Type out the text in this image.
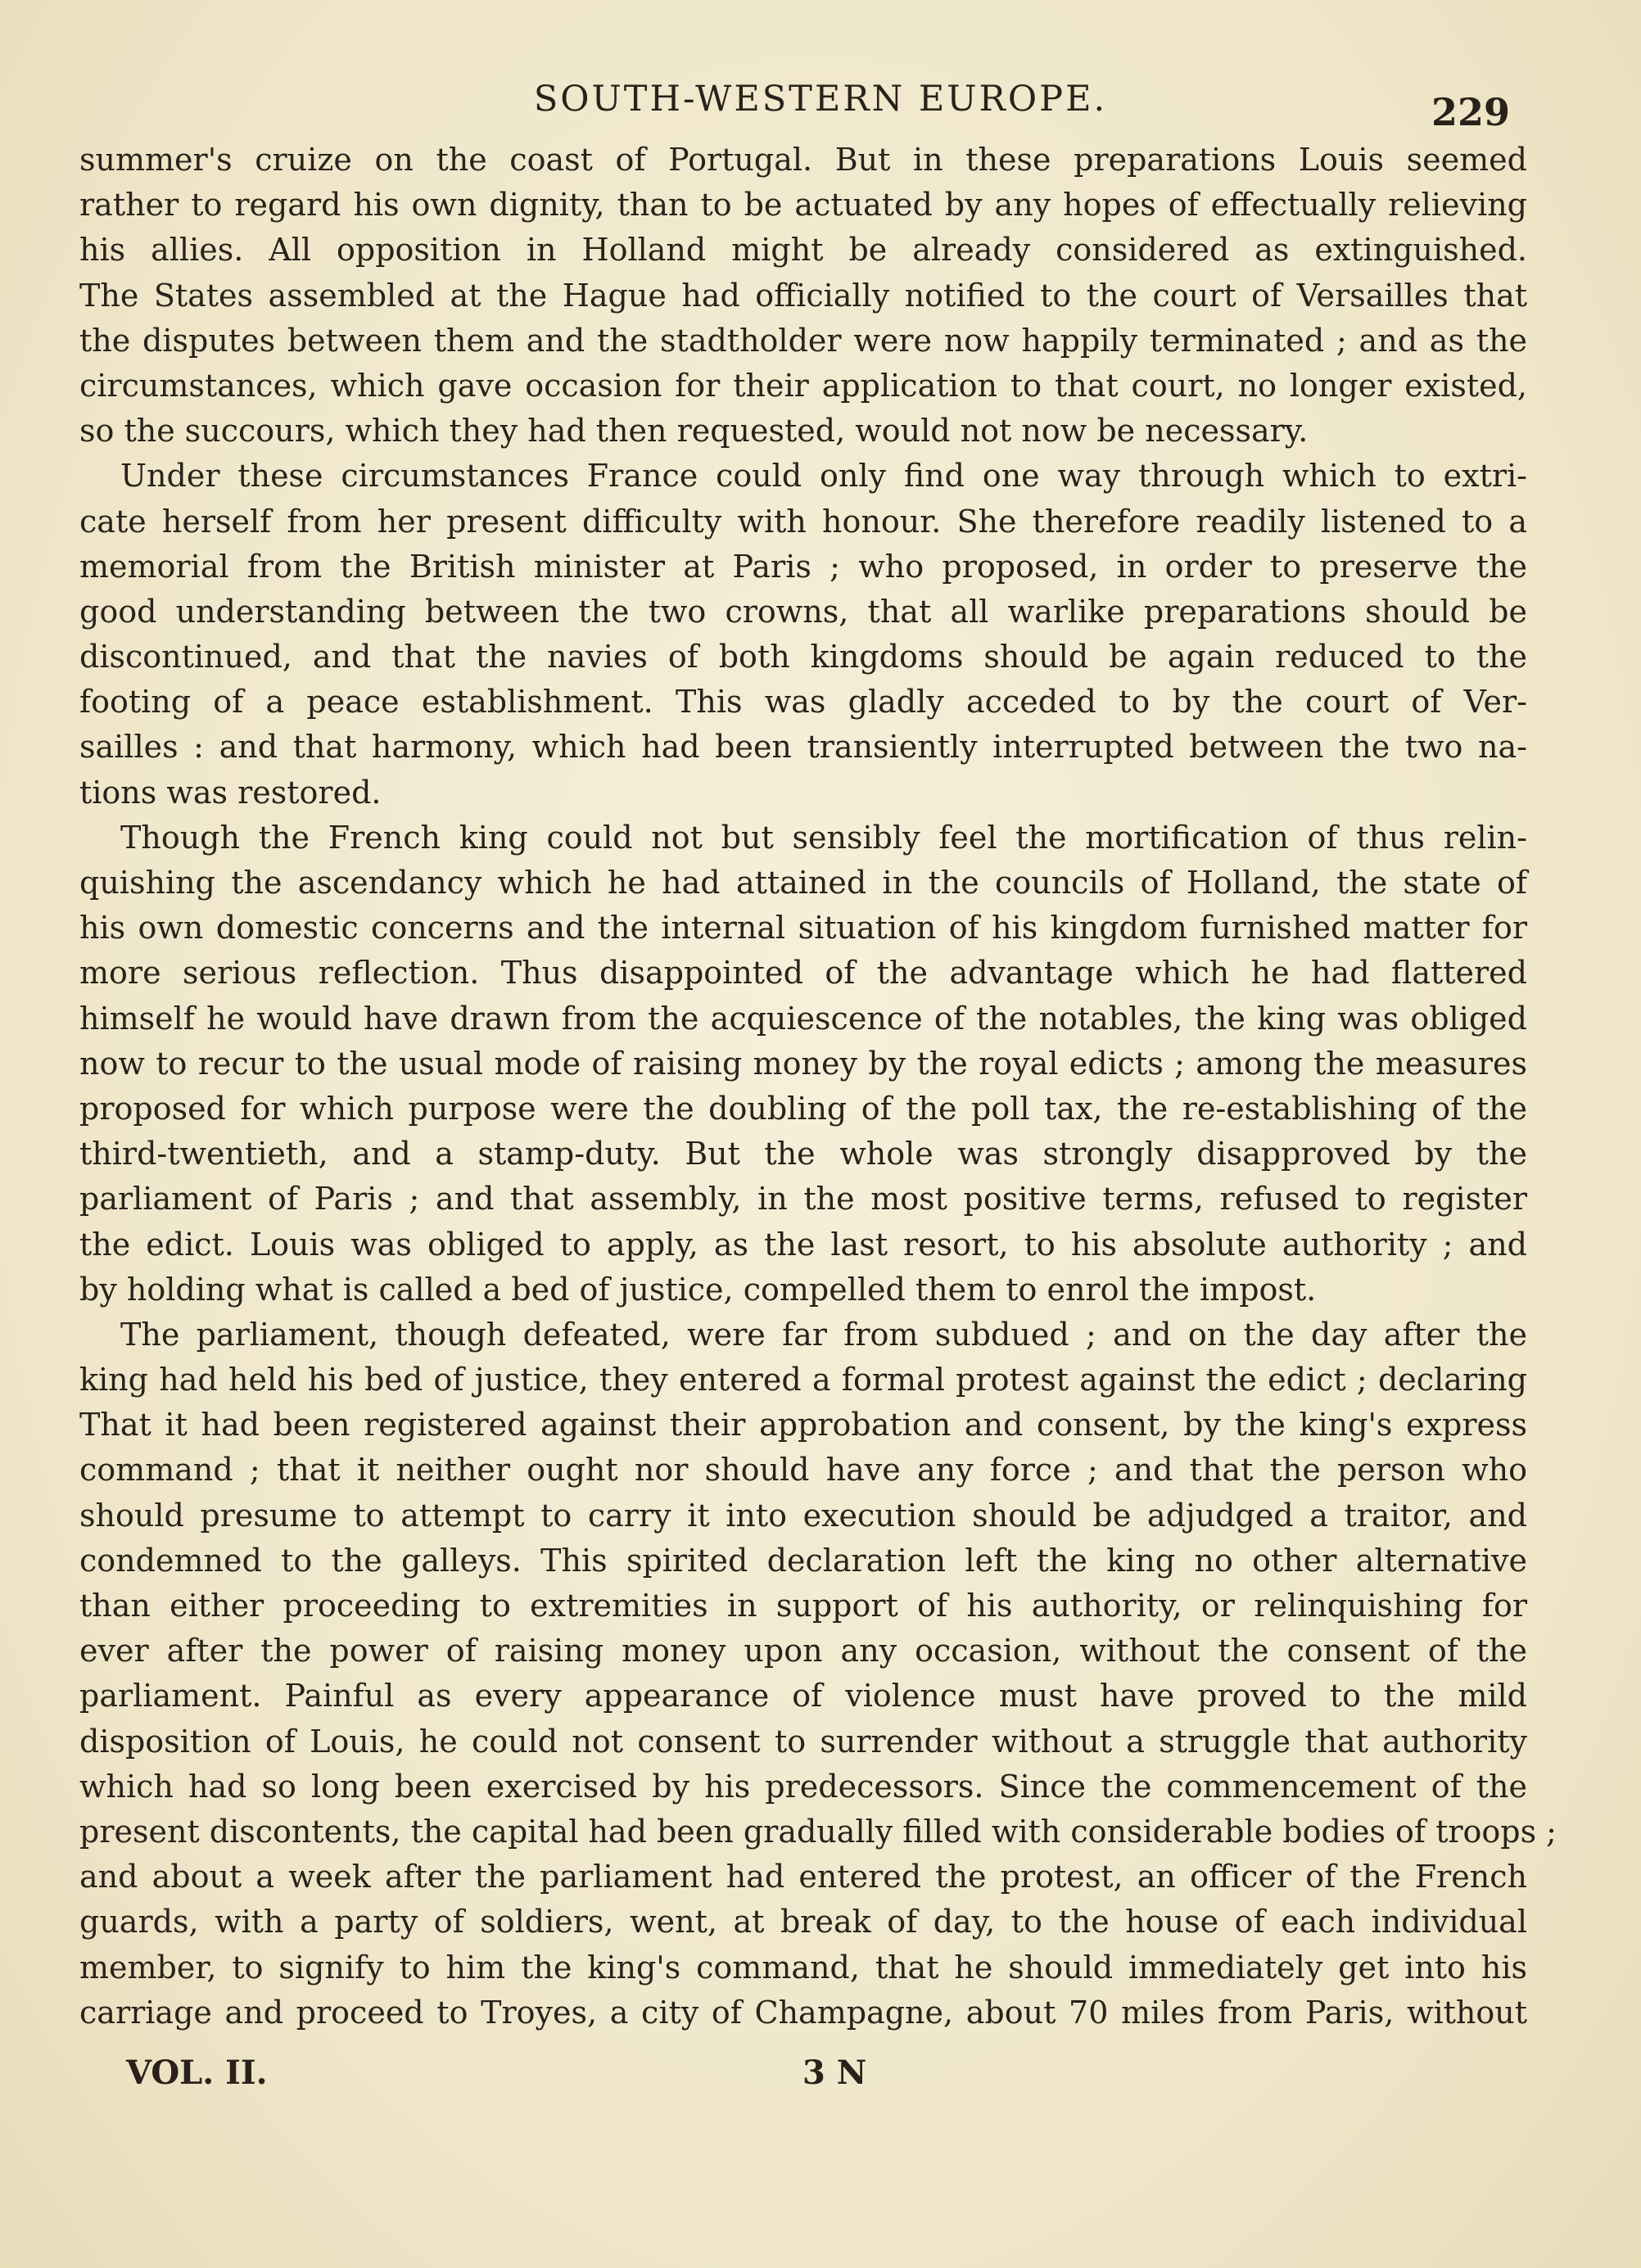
SOUTH-WESTERN EUROPE.	229
summer's cruize on the coast of Portugal. But in these preparations Louis seemed
rather to regard his own dignity, than to be actuated by any hopes of effectually relieving
his allies. All opposition in Holland might be already considered as extinguished.
The States assembled at the Hague had officially notified to the court of Versailles that
the disputes between them and the stadtholder were now happily terminated ; and as the
circumstances, which gave occasion for their application to that court, no longer existed,
so the succours, which they had then requested, would not now be necessary.
Under these circumstances France could only find one way through which to extri-
cate herself from her present difficulty with honour. She therefore readily listened to a
memorial from the British minister at Paris ; who proposed, in order to preserve the
good understanding between the two crowns, that all warlike preparations should be
discontinued, and that the navies of both kingdoms should be again reduced to the
footing of a peace establishment. This was gladly acceded to by the court of Ver-
sailles : and that harmony, which had been transiently interrupted between the two na-
tions was restored.
Though the French king could not but sensibly feel the mortification of thus relin-
quishing the ascendancy which he had attained in the councils of Holland, the state of
his own domestic concerns and the internal situation of his kingdom furnished matter for
more serious reflection. Thus disappointed of the advantage which he had flattered
himself he would have drawn from the acquiescence of the notables, the king was obliged
now to recur to the usual mode of raising money by the royal edicts ; among the measures
proposed for which purpose were the doubling of the poll tax, the re-establishing of the
third-twentieth, and a stamp-duty. But the whole was strongly disapproved by the
parliament of Paris ; and that assembly, in the most positive terms, refused to register
the edict. Louis was obliged to apply, as the last resort, to his absolute authority ; and
by holding what is called a bed of justice, compelled them to enrol the impost.
The parliament, though defeated, were far from subdued ; and on the day after the
king had held his bed of justice, they entered a formal protest against the edict ; declaring
That it had been registered against their approbation and consent, by the king's express
command ; that it neither ought nor should have any force ; and that the person who
should presume to attempt to carry it into execution should be adjudged a traitor, and
condemned to the galleys. This spirited declaration left the king no other alternative
than either proceeding to extremities in support of his authority, or relinquishing for
ever after the power of raising money upon any occasion, without the consent of the
parliament. Painful as every appearance of violence must have proved to the mild
disposition of Louis, he could not consent to surrender without a struggle that authority
which had so long been exercised by his predecessors. Since the commencement of the
present discontents, the capital had been gradually filled with considerable bodies of troops ;
and about a week after the parliament had entered the protest, an officer of the French
guards, with a party of soldiers, went, at break of day, to the house of each individual
member, to signify to him the king's command, that he should immediately get into his
carriage and proceed to Troyes, a city of Champagne, about 70 miles from Paris, without
VOL. II.	3 N
